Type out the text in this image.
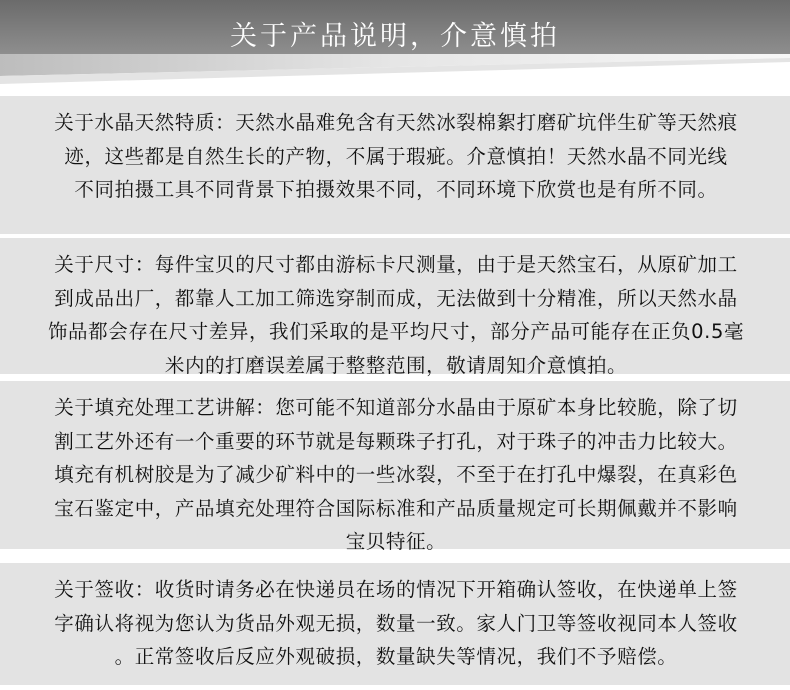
关于产品说明，介意慎拍

关于水晶天然特质：天然水晶难免含有天然冰裂棉絮打磨矿坑伴生矿等天然痕

迹，这些都是自然生长的产物，不属于瑕疵。介意慎拍！天然水晶不同光线

不同拍摄工具不同背景下拍摄效果不同，不同环境下欣赏也是有所不同。

关于尺寸：每件宝贝的尺寸都由游标卡尺测量，由于是天然宝石，从原矿加工

到成品出厂，都靠人工加工筛选穿制而成，无法做到十分精准，所以天然水晶

饰品都会存在尺寸差异，我们采取的是平均尺寸，部分产品可能存在正负0.5毫

米内的打磨误差属于整整范围，敬请周知介意慎拍。

关于填充处理工艺讲解：您可能不知道部分水晶由于原矿本身比较脆，除了切

割工艺外还有一个重要的环节就是每颗珠子打孔，对于珠子的冲击力比较大。

填充有机树胶是为了减少矿料中的一些冰裂，不至于在打孔中爆裂，在真彩色

宝石鉴定中，产品填充处理符合国际标准和产品质量规定可长期佩戴并不影响

宝贝特征。

关于签收：收货时请务必在快递员在场的情况下开箱确认签收，在快递单上签

字确认将视为您认为货品外观无损，数量一致。家人门卫等签收视同本人签收

。正常签收后反应外观破损，数量缺失等情况，我们不予赔偿。
